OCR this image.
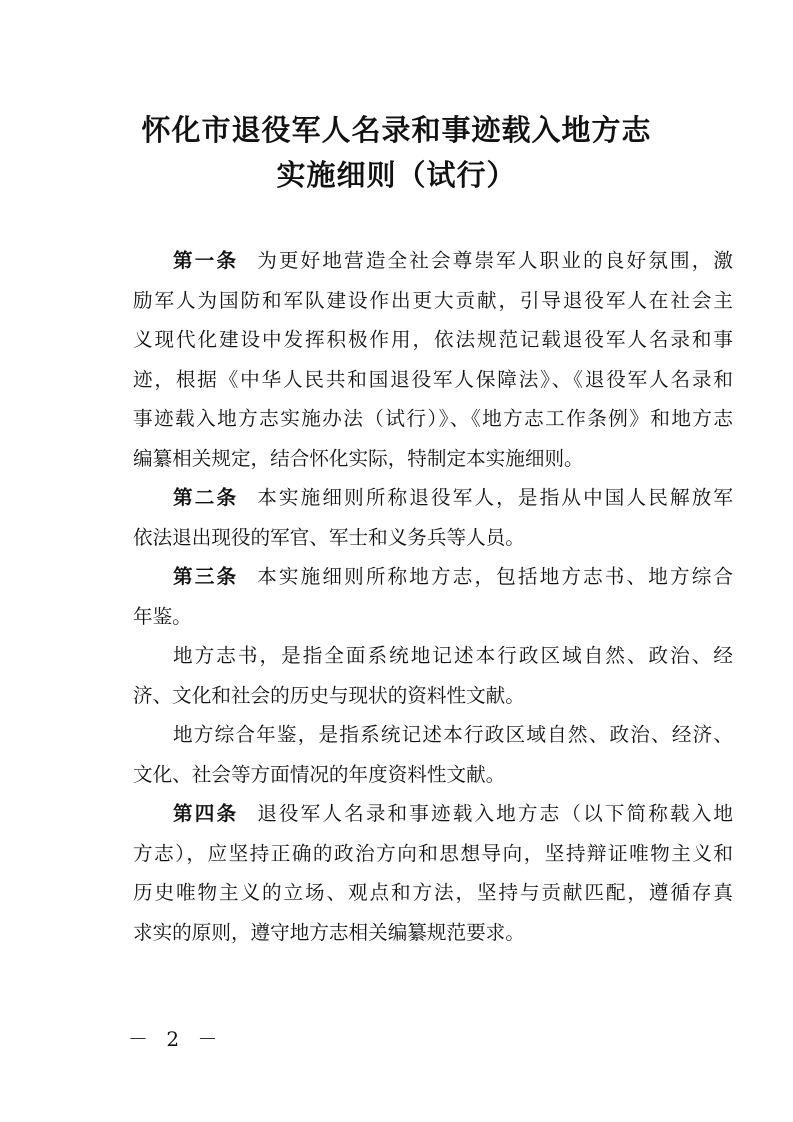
怀化市退役军人名录和事迹载入地方志
实施细则（试行）
第一条 为更好地营造全社会尊崇军人职业的良好氛围，激
励军人为国防和军队建设作出更大贡献，引导退役军人在社会主
义现代化建设中发挥积极作用，依法规范记载退役军人名录和事
迹，根据《中华人民共和国退役军人保障法》、《退役军人名录和
事迹载入地方志实施办法（试行）》、《地方志工作条例》和地方志
编纂相关规定，结合怀化实际，特制定本实施细则。
第二条 本实施细则所称退役军人，是指从中国人民解放军
依法退出现役的军官、军士和义务兵等人员。
第三条 本实施细则所称地方志，包括地方志书、地方综合
年鉴。
地方志书，是指全面系统地记述本行政区域自然、政治、经
济、文化和社会的历史与现状的资料性文献。
地方综合年鉴，是指系统记述本行政区域自然、政治、经济、
文化、社会等方面情况的年度资料性文献。
第四条 退役军人名录和事迹载入地方志（以下简称载入地
方志），应坚持正确的政治方向和思想导向，坚持辩证唯物主义和
历史唯物主义的立场、观点和方法，坚持与贡献匹配，遵循存真
求实的原则，遵守地方志相关编纂规范要求。
－ 2 －
